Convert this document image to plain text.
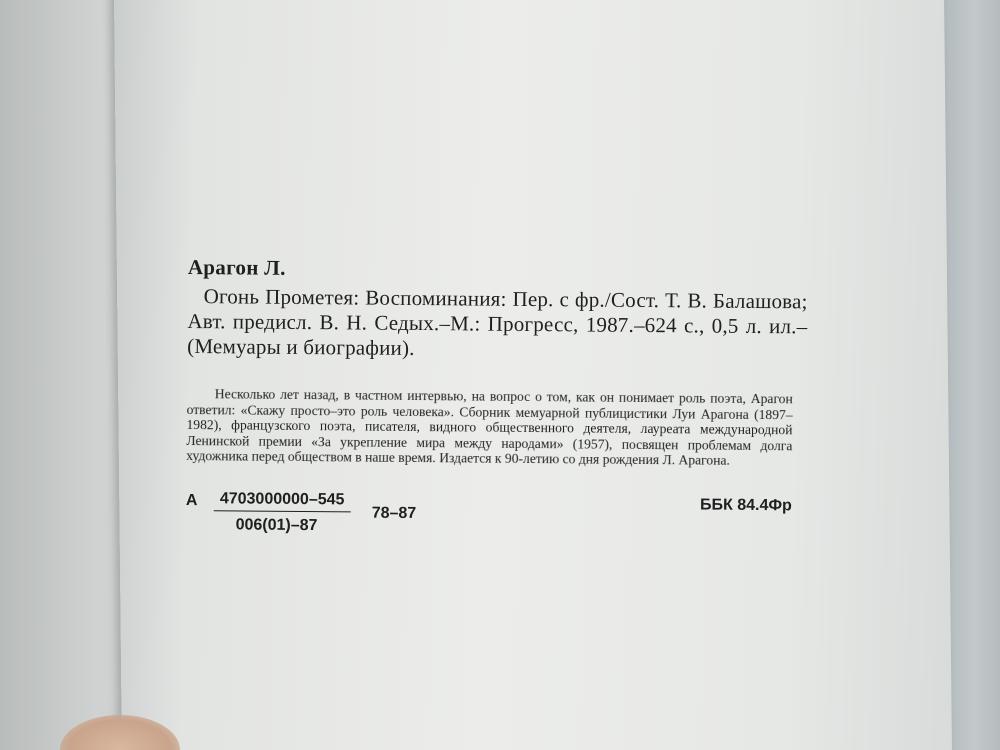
Арагон Л.

Огонь Прометея: Воспоминания: Пер. с фр./Сост. Т. В. Балашова; Авт. предисл. В. Н. Седых.–М.: Прогресс, 1987.–624 с., 0,5 л. ил.–(Мемуары и биографии).

Несколько лет назад, в частном интервью, на вопрос о том, как он понимает роль поэта, Арагон ответил: «Скажу просто–это роль человека». Сборник мемуарной публицистики Луи Арагона (1897–1982), французского поэта, писателя, видного общественного деятеля, лауреата международной Ленинской премии «За укрепление мира между народами» (1957), посвящен проблемам долга художника перед обществом в наше время. Издается к 90-летию со дня рождения Л. Арагона.

А	4703000000–545
006(01)–87
78–87	ББК 84.4Фр
